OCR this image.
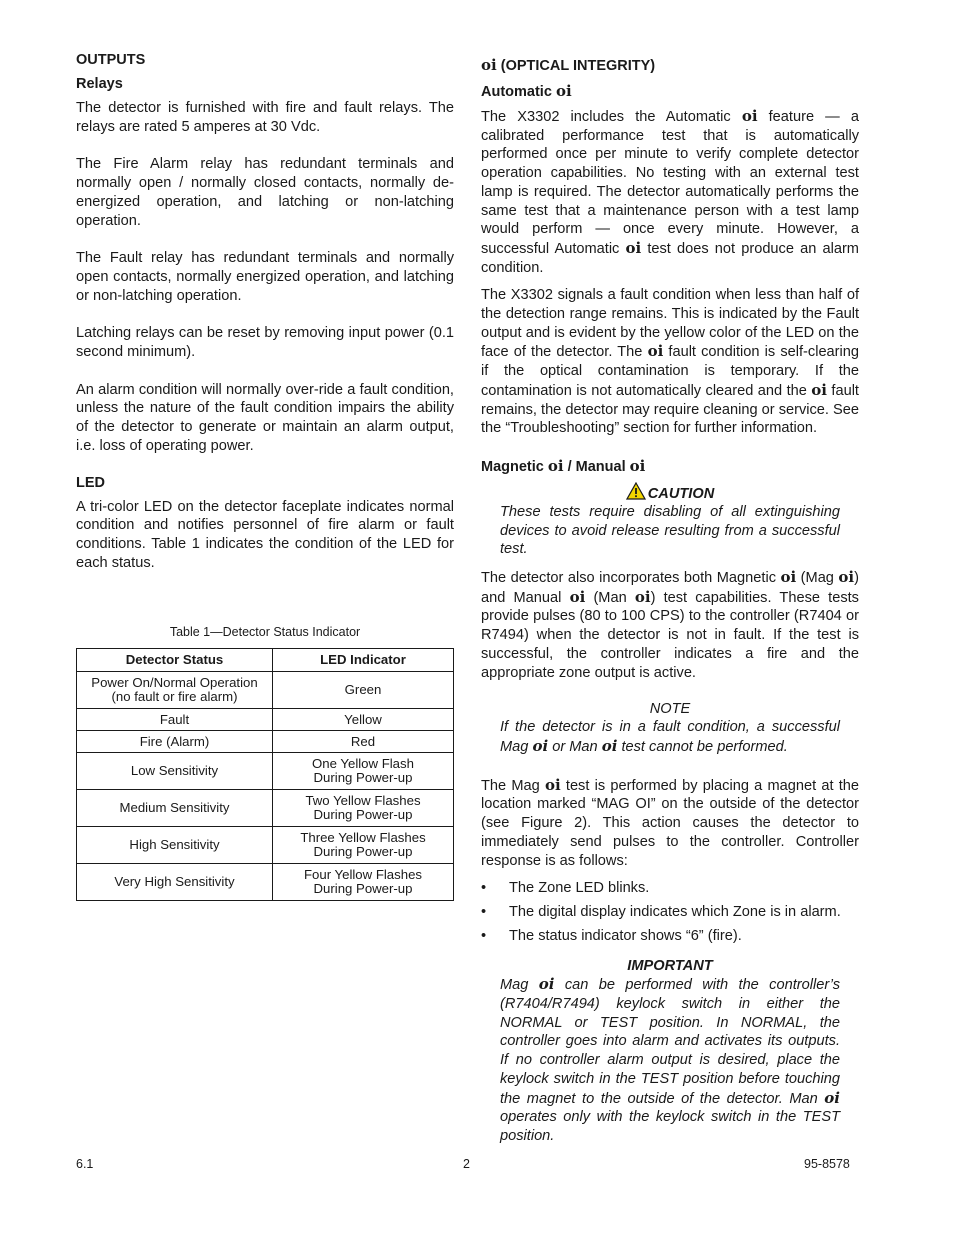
OUTPUTS
Relays

The detector is furnished with fire and fault relays. The relays are rated 5 amperes at 30 Vdc.

The Fire Alarm relay has redundant terminals and normally open / normally closed contacts, normally de-energized operation, and latching or non-latching operation.

The Fault relay has redundant terminals and normally open contacts, normally energized operation, and latching or non-latching operation.

Latching relays can be reset by removing input power (0.1 second minimum).

An alarm condition will normally over-ride a fault condition, unless the nature of the fault condition impairs the ability of the detector to generate or maintain an alarm output, i.e. loss of operating power.

LED

A tri-color LED on the detector faceplate indicates normal condition and notifies personnel of fire alarm or fault conditions. Table 1 indicates the condition of the LED for each status.

Table 1—Detector Status Indicator
Detector Status	LED Indicator
Power On/Normal Operation
(no fault or fire alarm)	Green
Fault	Yellow
Fire (Alarm)	Red
Low Sensitivity	One Yellow Flash
During Power-up
Medium Sensitivity	Two Yellow Flashes
During Power-up
High Sensitivity	Three Yellow Flashes
During Power-up
Very High Sensitivity	Four Yellow Flashes
During Power-up
oi (OPTICAL INTEGRITY)
Automatic oi

The X3302 includes the Automatic oi feature — a calibrated performance test that is automatically performed once per minute to verify complete detector operation capabilities. No testing with an external test lamp is required. The detector automatically performs the same test that a maintenance person with a test lamp would perform — once every minute. However, a successful Automatic oi test does not produce an alarm condition.

The X3302 signals a fault condition when less than half of the detection range remains. This is indicated by the Fault output and is evident by the yellow color of the LED on the face of the detector. The oi fault condition is self-clearing if the optical contamination is temporary. If the contamination is not automatically cleared and the oi fault remains, the detector may require cleaning or service. See the “Troubleshooting” section for further information.

Magnetic oi / Manual oi
CAUTION
These tests require disabling of all extinguishing devices to avoid release resulting from a successful test.

The detector also incorporates both Magnetic oi (Mag oi) and Manual oi (Man oi) test capabilities. These tests provide pulses (80 to 100 CPS) to the controller (R7404 or R7494) when the detector is not in fault. If the test is successful, the controller indicates a fire and the appropriate zone output is active.

NOTE
If the detector is in a fault condition, a successful Mag oi or Man oi test cannot be performed.

The Mag oi test is performed by placing a magnet at the location marked “MAG OI” on the outside of the detector (see Figure 2). This action causes the detector to immediately send pulses to the controller. Controller response is as follows:

• The Zone LED blinks.
• The digital display indicates which Zone is in alarm.
• The status indicator shows “6” (fire).
IMPORTANT
Mag oi can be performed with the controller’s (R7404/R7494) keylock switch in either the NORMAL or TEST position. In NORMAL, the controller goes into alarm and activates its outputs. If no controller alarm output is desired, place the keylock switch in the TEST position before touching the magnet to the outside of the detector. Man oi operates only with the keylock switch in the TEST position.
6.1	2	95-8578
